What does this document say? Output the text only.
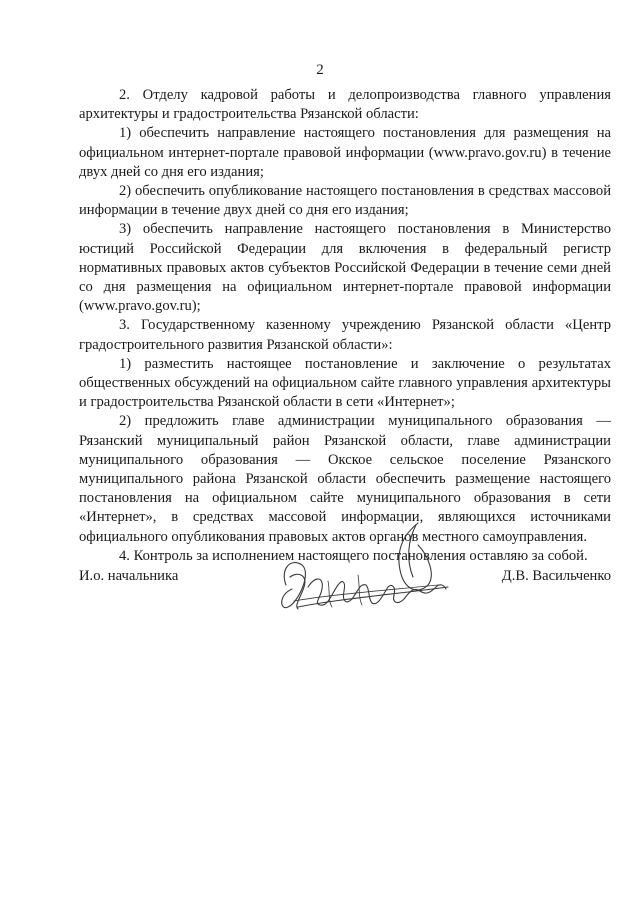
2

2. Отделу кадровой работы и делопроизводства главного управления архитектуры и градостроительства Рязанской области:

1) обеспечить направление настоящего постановления для размещения на официальном интернет-портале правовой информации (www.pravo.gov.ru) в течение двух дней со дня его издания;

2) обеспечить опубликование настоящего постановления в средствах массовой информации в течение двух дней со дня его издания;

3) обеспечить направление настоящего постановления в Министерство юстиций Российской Федерации для включения в федеральный регистр нормативных правовых актов субъектов Российской Федерации в течение семи дней со дня размещения на официальном интернет-портале правовой информации (www.pravo.gov.ru);

3. Государственному казенному учреждению Рязанской области «Центр градостроительного развития Рязанской области»:

1) разместить настоящее постановление и заключение о результатах общественных обсуждений на официальном сайте главного управления архитектуры и градостроительства Рязанской области в сети «Интернет»;

2) предложить главе администрации муниципального образования — Рязанский муниципальный район Рязанской области, главе администрации муниципального образования — Окское сельское поселение Рязанского муниципального района Рязанской области обеспечить размещение настоящего постановления на официальном сайте муниципального образования в сети «Интернет», в средствах массовой информации, являющихся источниками официального опубликования правовых актов органов местного самоуправления.

4. Контроль за исполнением настоящего постановления оставляю за собой.

И.о. начальника	Д.В. Васильченко
